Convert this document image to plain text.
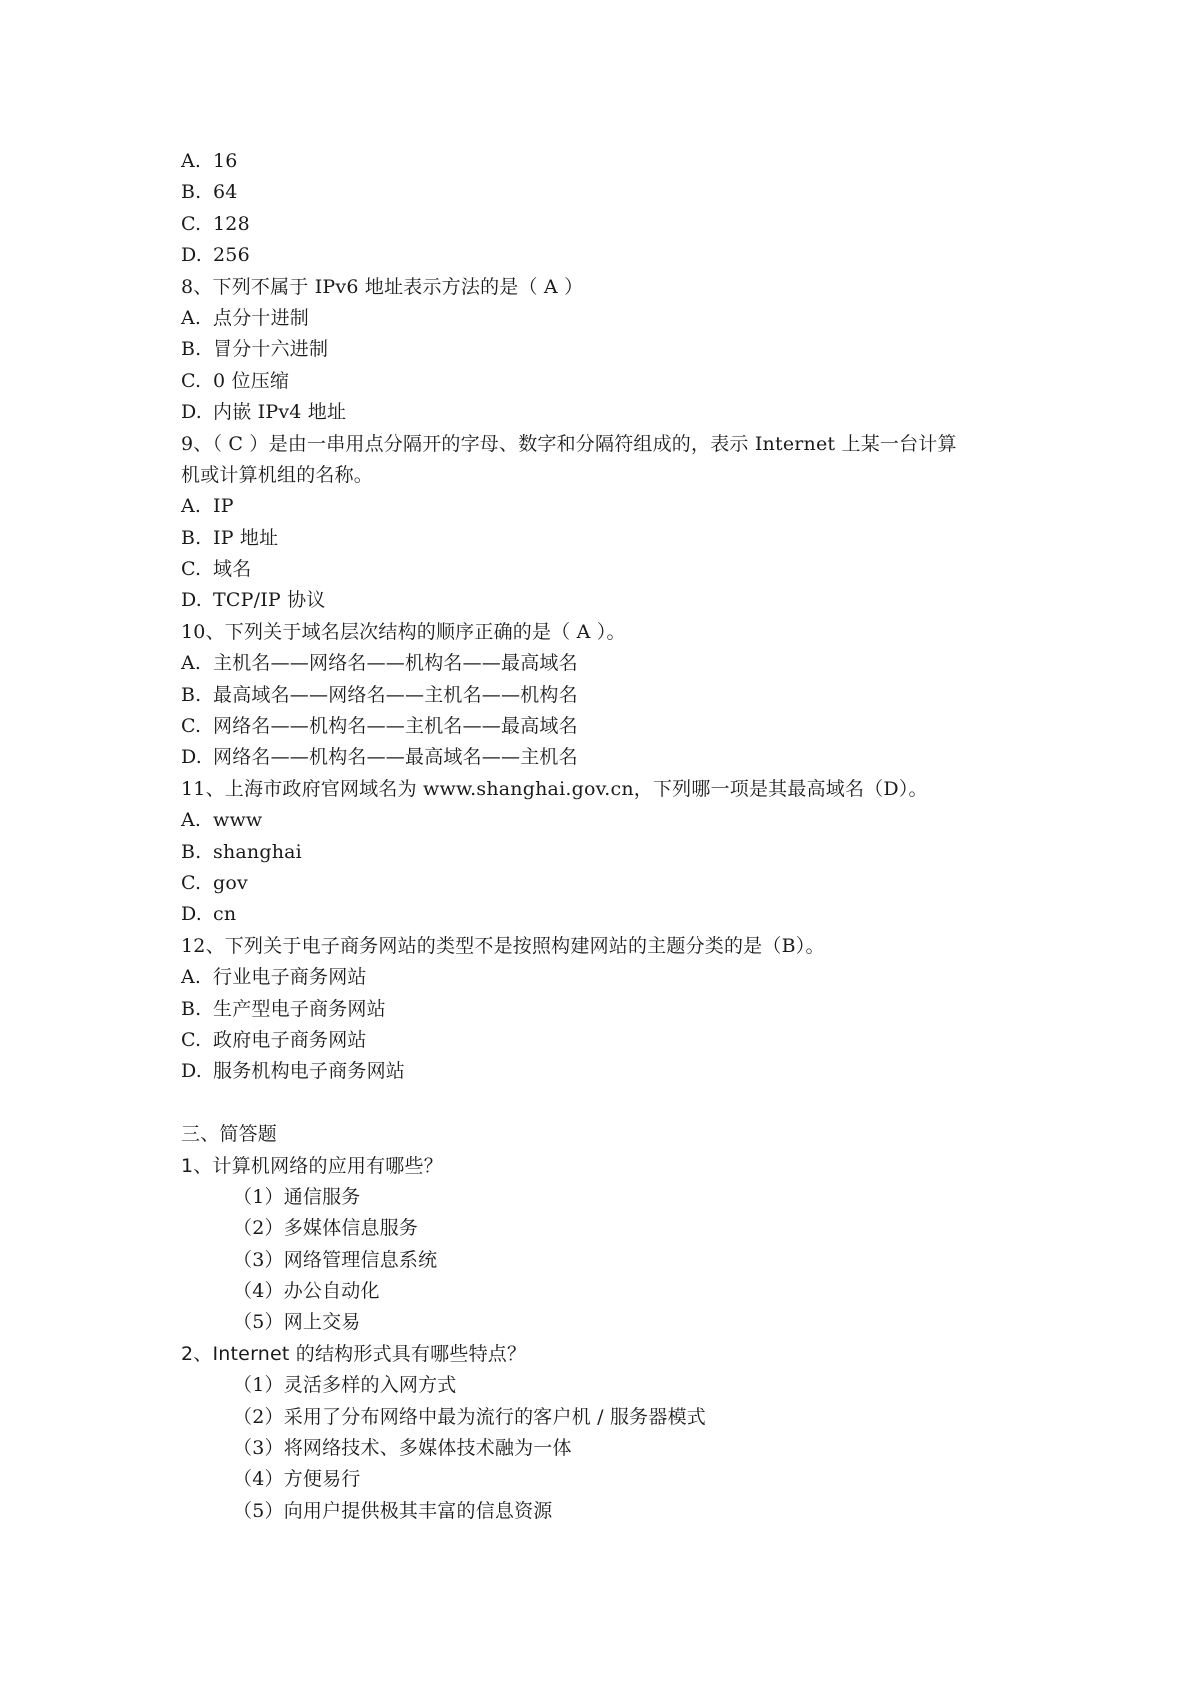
A. 16
B. 64
C. 128
D. 256
8、下列不属于 IPv6 地址表示方法的是（ A ）
A. 点分十进制
B. 冒分十六进制
C. 0 位压缩
D. 内嵌 IPv4 地址
9、（ C ）是由一串用点分隔开的字母、数字和分隔符组成的，表示 Internet 上某一台计算
机或计算机组的名称。
A. IP
B. IP 地址
C. 域名
D. TCP/IP 协议
10、下列关于域名层次结构的顺序正确的是（ A ）。
A. 主机名——网络名——机构名——最高域名
B. 最高域名——网络名——主机名——机构名
C. 网络名——机构名——主机名——最高域名
D. 网络名——机构名——最高域名——主机名
11、上海市政府官网域名为 www.shanghai.gov.cn，下列哪一项是其最高域名（D）。
A. www
B. shanghai
C. gov
D. cn
12、下列关于电子商务网站的类型不是按照构建网站的主题分类的是（B）。
A. 行业电子商务网站
B. 生产型电子商务网站
C. 政府电子商务网站
D. 服务机构电子商务网站
三、简答题
1、计算机网络的应用有哪些？
（1）通信服务
（2）多媒体信息服务
（3）网络管理信息系统
（4）办公自动化
（5）网上交易
2、Internet 的结构形式具有哪些特点？
（1）灵活多样的入网方式
（2）采用了分布网络中最为流行的客户机 / 服务器模式
（3）将网络技术、多媒体技术融为一体
（4）方便易行
（5）向用户提供极其丰富的信息资源
